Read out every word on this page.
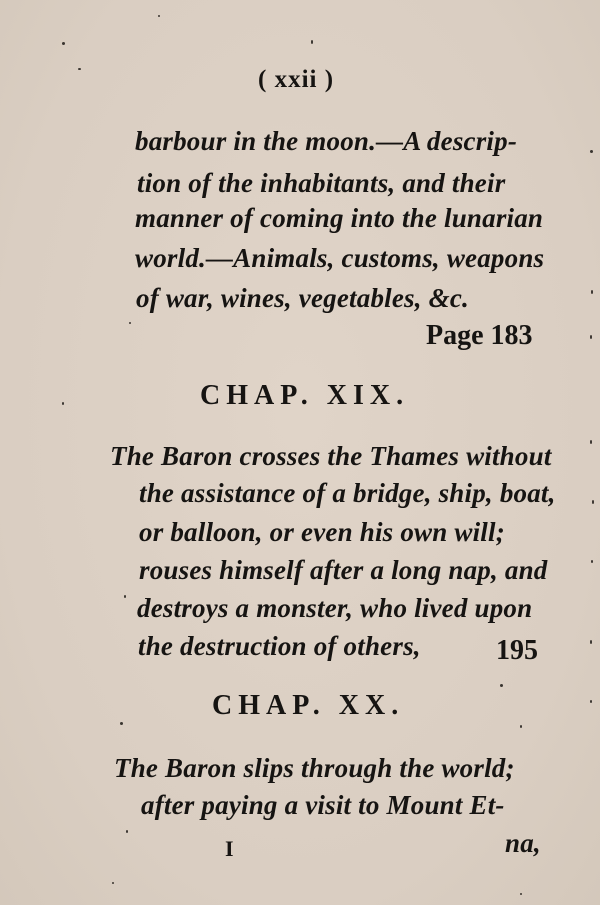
( xxii )
barbour in the moon.—A descrip-
tion of the inhabitants, and their
manner of coming into the lunarian
world.—Animals, customs, weapons
of war, wines, vegetables, &c.
Page 183
CHAP. XIX.
The Baron crosses the Thames without
the assistance of a bridge, ship, boat,
or balloon, or even his own will;
rouses himself after a long nap, and
destroys a monster, who lived upon
the destruction of others,	195
CHAP. XX.
The Baron slips through the world;
after paying a visit to Mount Et-
I	na,
